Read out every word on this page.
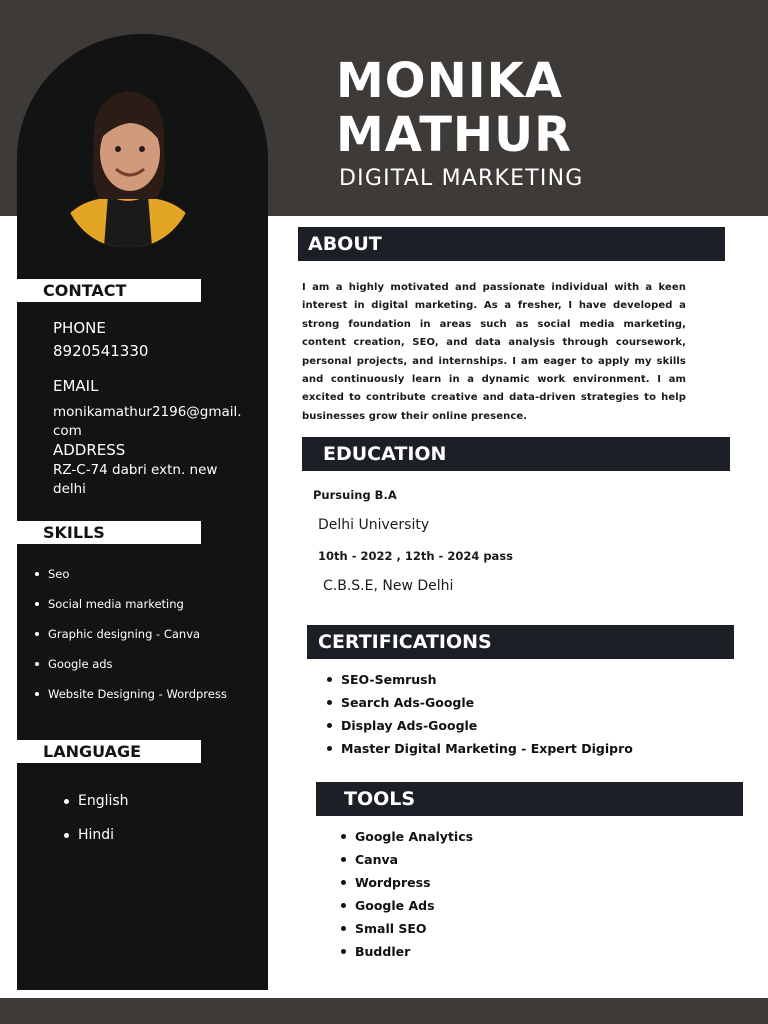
MONIKA
MATHUR
DIGITAL MARKETING
CONTACT
PHONE
8920541330
EMAIL
monikamathur2196@gmail.
com
ADDRESS
RZ-C-74 dabri extn. new
delhi
SKILLS
Seo
Social media marketing
Graphic designing - Canva
Google ads
Website Designing - Wordpress
LANGUAGE
English
Hindi
ABOUT
I am a highly motivated and passionate individual with a keen interest in digital marketing. As a fresher, I have developed a strong foundation in areas such as social media marketing, content creation, SEO, and data analysis through coursework, personal projects, and internships. I am eager to apply my skills and continuously learn in a dynamic work environment. I am excited to contribute creative and data-driven strategies to help businesses grow their online presence.
EDUCATION
Pursuing B.A
Delhi University
10th - 2022 , 12th - 2024 pass
C.B.S.E, New Delhi
CERTIFICATIONS
SEO-Semrush
Search Ads-Google
Display Ads-Google
Master Digital Marketing - Expert Digipro
TOOLS
Google Analytics
Canva
Wordpress
Google Ads
Small SEO
Buddler
